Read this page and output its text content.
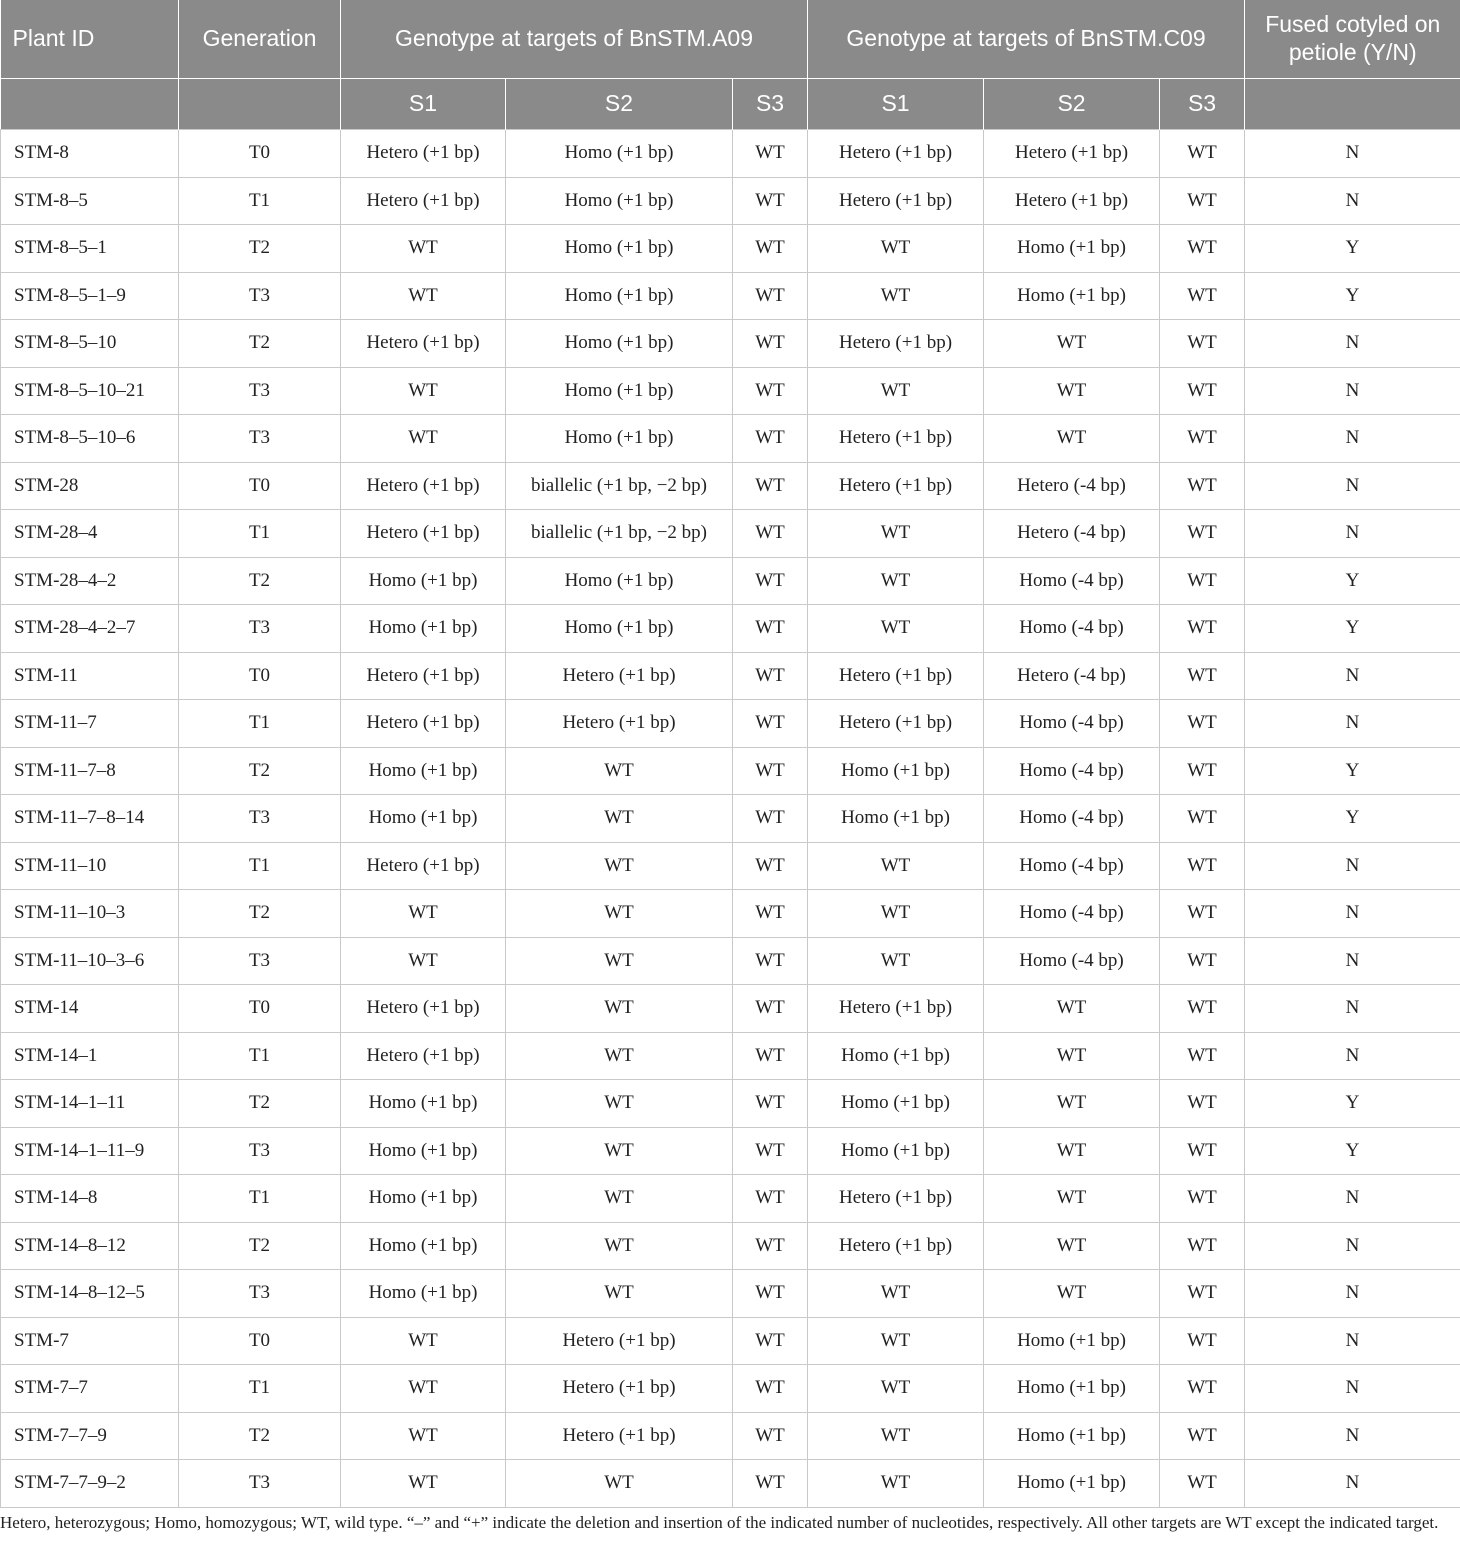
Plant ID	Generation	Genotype at targets of BnSTM.A09			Genotype at targets of BnSTM.C09			Fused cotyled on petiole (Y/N)
		S1	S2	S3	S1	S2	S3	
STM-8	T0	Hetero (+1 bp)	Homo (+1 bp)	WT	Hetero (+1 bp)	Hetero (+1 bp)	WT	N
STM-8–5	T1	Hetero (+1 bp)	Homo (+1 bp)	WT	Hetero (+1 bp)	Hetero (+1 bp)	WT	N
STM-8–5–1	T2	WT	Homo (+1 bp)	WT	WT	Homo (+1 bp)	WT	Y
STM-8–5–1–9	T3	WT	Homo (+1 bp)	WT	WT	Homo (+1 bp)	WT	Y
STM-8–5–10	T2	Hetero (+1 bp)	Homo (+1 bp)	WT	Hetero (+1 bp)	WT	WT	N
STM-8–5–10–21	T3	WT	Homo (+1 bp)	WT	WT	WT	WT	N
STM-8–5–10–6	T3	WT	Homo (+1 bp)	WT	Hetero (+1 bp)	WT	WT	N
STM-28	T0	Hetero (+1 bp)	biallelic (+1 bp, −2 bp)	WT	Hetero (+1 bp)	Hetero (-4 bp)	WT	N
STM-28–4	T1	Hetero (+1 bp)	biallelic (+1 bp, −2 bp)	WT	WT	Hetero (-4 bp)	WT	N
STM-28–4–2	T2	Homo (+1 bp)	Homo (+1 bp)	WT	WT	Homo (-4 bp)	WT	Y
STM-28–4–2–7	T3	Homo (+1 bp)	Homo (+1 bp)	WT	WT	Homo (-4 bp)	WT	Y
STM-11	T0	Hetero (+1 bp)	Hetero (+1 bp)	WT	Hetero (+1 bp)	Hetero (-4 bp)	WT	N
STM-11–7	T1	Hetero (+1 bp)	Hetero (+1 bp)	WT	Hetero (+1 bp)	Homo (-4 bp)	WT	N
STM-11–7–8	T2	Homo (+1 bp)	WT	WT	Homo (+1 bp)	Homo (-4 bp)	WT	Y
STM-11–7–8–14	T3	Homo (+1 bp)	WT	WT	Homo (+1 bp)	Homo (-4 bp)	WT	Y
STM-11–10	T1	Hetero (+1 bp)	WT	WT	WT	Homo (-4 bp)	WT	N
STM-11–10–3	T2	WT	WT	WT	WT	Homo (-4 bp)	WT	N
STM-11–10–3–6	T3	WT	WT	WT	WT	Homo (-4 bp)	WT	N
STM-14	T0	Hetero (+1 bp)	WT	WT	Hetero (+1 bp)	WT	WT	N
STM-14–1	T1	Hetero (+1 bp)	WT	WT	Homo (+1 bp)	WT	WT	N
STM-14–1–11	T2	Homo (+1 bp)	WT	WT	Homo (+1 bp)	WT	WT	Y
STM-14–1–11–9	T3	Homo (+1 bp)	WT	WT	Homo (+1 bp)	WT	WT	Y
STM-14–8	T1	Homo (+1 bp)	WT	WT	Hetero (+1 bp)	WT	WT	N
STM-14–8–12	T2	Homo (+1 bp)	WT	WT	Hetero (+1 bp)	WT	WT	N
STM-14–8–12–5	T3	Homo (+1 bp)	WT	WT	WT	WT	WT	N
STM-7	T0	WT	Hetero (+1 bp)	WT	WT	Homo (+1 bp)	WT	N
STM-7–7	T1	WT	Hetero (+1 bp)	WT	WT	Homo (+1 bp)	WT	N
STM-7–7–9	T2	WT	Hetero (+1 bp)	WT	WT	Homo (+1 bp)	WT	N
STM-7–7–9–2	T3	WT	WT	WT	WT	Homo (+1 bp)	WT	N

Hetero, heterozygous; Homo, homozygous; WT, wild type. “–” and “+” indicate the deletion and insertion of the indicated number of nucleotides, respectively. All other targets are WT except the indicated target.
